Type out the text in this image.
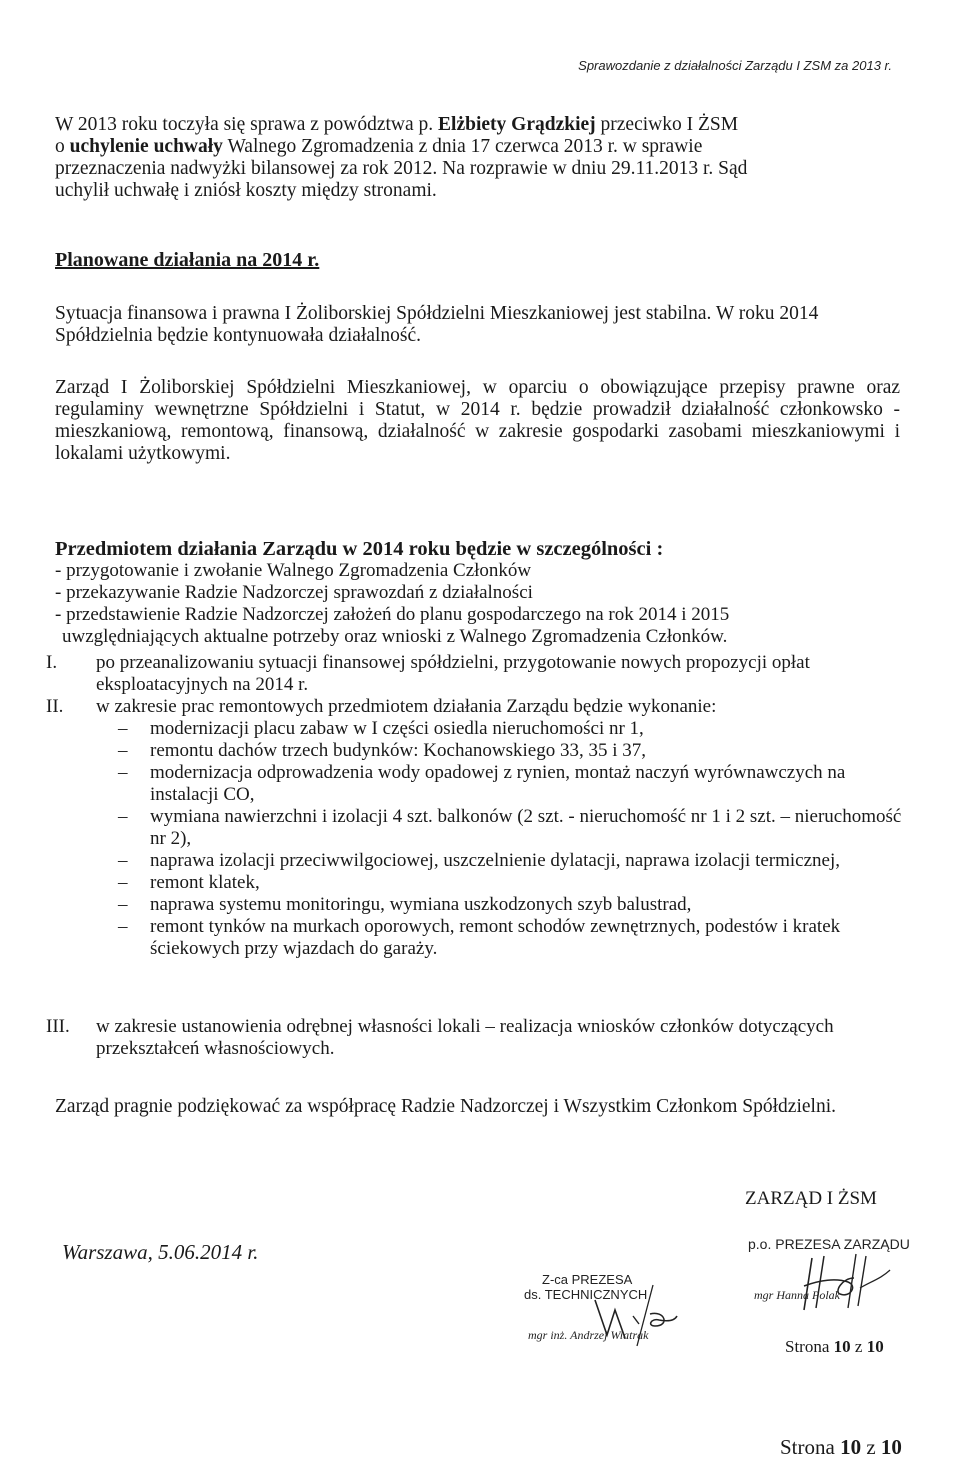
Sprawozdanie z działalności Zarządu I ZSM za 2013 r.
W 2013 roku toczyła się sprawa z powództwa p. Elżbiety Grądzkiej przeciwko I ŻSM
o uchylenie uchwały Walnego Zgromadzenia z dnia 17 czerwca 2013 r. w sprawie
przeznaczenia nadwyżki bilansowej za rok 2012. Na rozprawie w dniu 29.11.2013 r. Sąd
uchylił uchwałę i zniósł koszty między stronami.
Planowane działania na 2014 r.
Sytuacja finansowa i prawna I Żoliborskiej Spółdzielni Mieszkaniowej jest stabilna. W roku 2014 Spółdzielnia będzie kontynuowała działalność.
Zarząd I Żoliborskiej Spółdzielni Mieszkaniowej, w oparciu o obowiązujące przepisy prawne oraz regulaminy wewnętrzne Spółdzielni i Statut, w 2014 r. będzie prowadził działalność członkowsko -mieszkaniową, remontową, finansową, działalność w zakresie gospodarki zasobami mieszkaniowymi i lokalami użytkowymi.
Przedmiotem działania Zarządu w 2014 roku będzie w szczególności :
- przygotowanie i zwołanie Walnego Zgromadzenia Członków
- przekazywanie Radzie Nadzorczej sprawozdań z działalności
- przedstawienie Radzie Nadzorczej założeń do planu gospodarczego na rok 2014 i 2015
uwzględniających aktualne potrzeby oraz wnioski z Walnego Zgromadzenia Członków.
I.	po przeanalizowaniu sytuacji finansowej spółdzielni, przygotowanie nowych propozycji opłat eksploatacyjnych na 2014 r.
II.	w zakresie prac remontowych przedmiotem działania Zarządu będzie wykonanie:
– modernizacji placu zabaw w I części osiedla nieruchomości nr 1,
– remontu dachów trzech budynków: Kochanowskiego 33, 35 i 37,
– modernizacja odprowadzenia wody opadowej z rynien, montaż naczyń wyrównawczych na instalacji CO,
– wymiana nawierzchni i izolacji 4 szt. balkonów (2 szt. - nieruchomość nr 1 i 2 szt. – nieruchomość nr 2),
– naprawa izolacji przeciwwilgociowej, uszczelnienie dylatacji, naprawa izolacji termicznej,
– remont klatek,
– naprawa systemu monitoringu, wymiana uszkodzonych szyb balustrad,
– remont tynków na murkach oporowych, remont schodów zewnętrznych, podestów i kratek ściekowych przy wjazdach do garaży.
III.	w zakresie ustanowienia odrębnej własności lokali – realizacja wniosków członków dotyczących przekształceń własnościowych.
Zarząd pragnie podziękować za współpracę Radzie Nadzorczej i Wszystkim Członkom Spółdzielni.
ZARZĄD I ŻSM
Warszawa, 5.06.2014 r.
Z-ca PREZESA
ds. TECHNICZNYCH
mgr inż. Andrzej Wiatrak
p.o. PREZESA ZARZĄDU
mgr Hanna Polak
Strona 10 z 10
Strona 10 z 10
